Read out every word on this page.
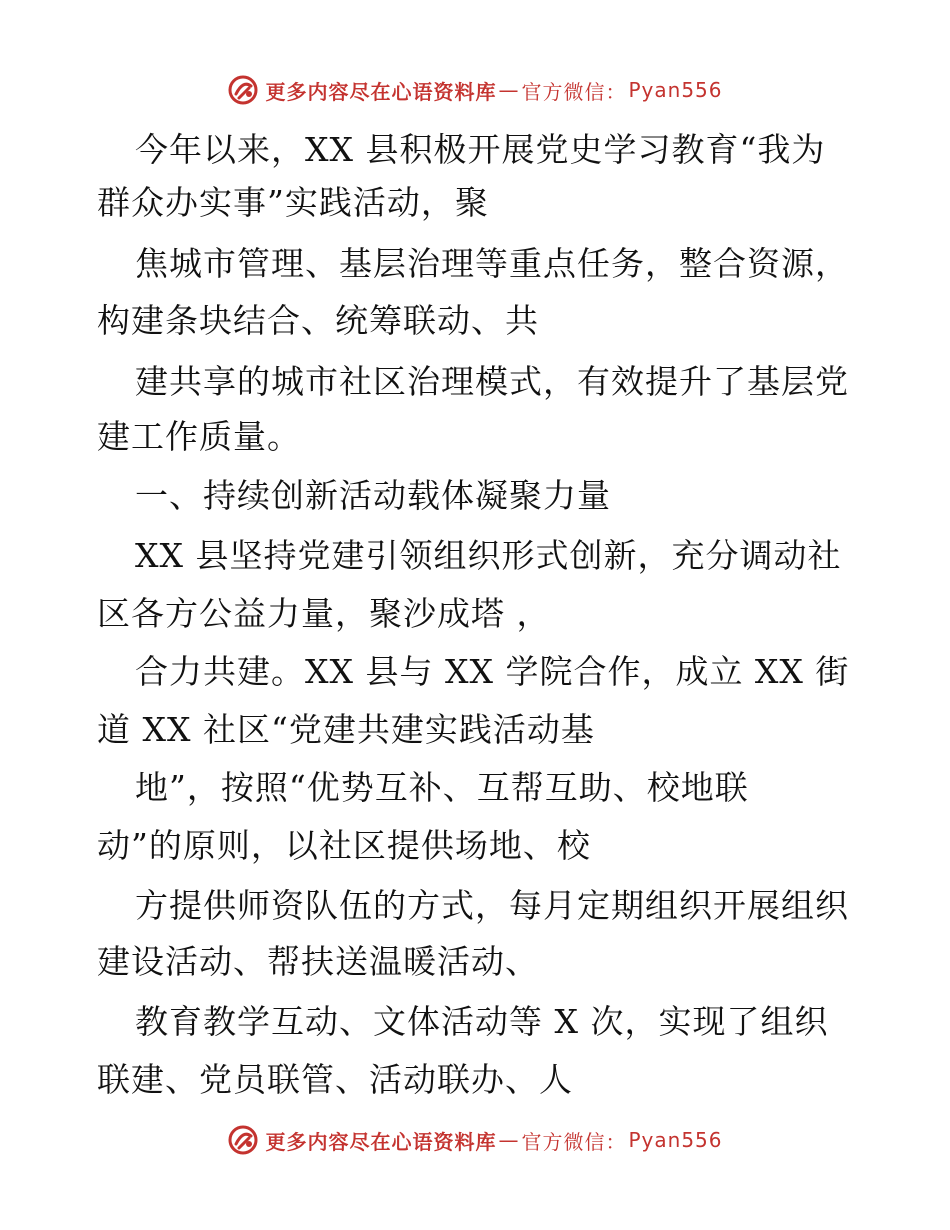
更多内容尽在心语资料库 — 官方微信： Pyan556
今年以来，XX 县积极开展党史学习教育“我为
群众办实事”实践活动，聚
焦城市管理、基层治理等重点任务，整合资源，
构建条块结合、统筹联动、共
建共享的城市社区治理模式，有效提升了基层党
建工作质量。
一、持续创新活动载体凝聚力量
XX 县坚持党建引领组织形式创新，充分调动社
区各方公益力量，聚沙成塔 ，
合力共建。XX 县与 XX 学院合作，成立 XX 街
道 XX 社区“党建共建实践活动基
地”，按照“优势互补、互帮互助、校地联
动”的原则，以社区提供场地、校
方提供师资队伍的方式，每月定期组织开展组织
建设活动、帮扶送温暖活动、
教育教学互动、文体活动等 X 次，实现了组织
联建、党员联管、活动联办、人
更多内容尽在心语资料库 — 官方微信： Pyan556
